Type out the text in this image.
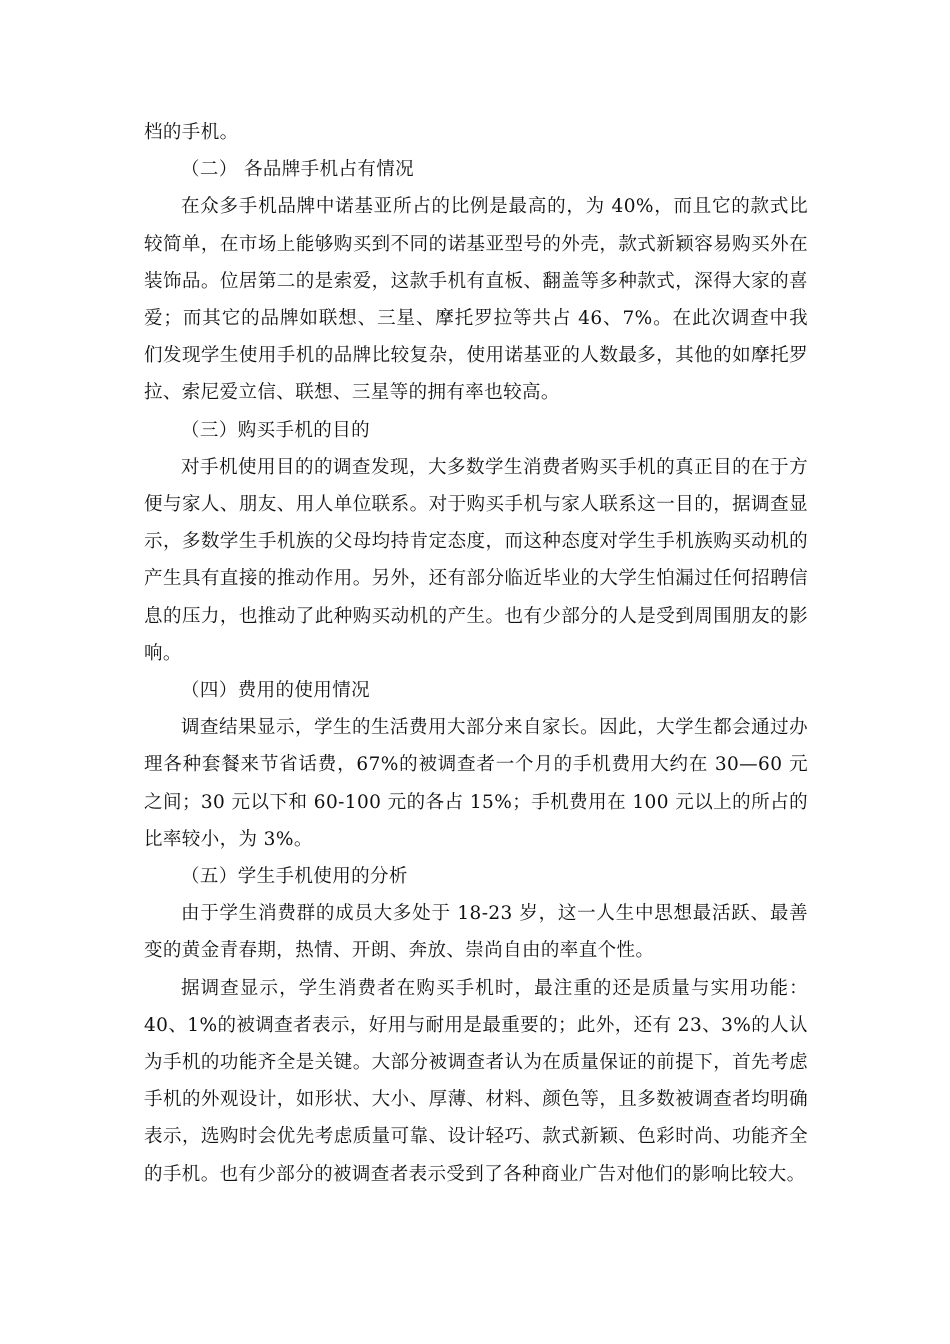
档的手机。

（二） 各品牌手机占有情况

在众多手机品牌中诺基亚所占的比例是最高的，为 40%，而且它的款式比较简单，在市场上能够购买到不同的诺基亚型号的外壳，款式新颖容易购买外在装饰品。位居第二的是索爱，这款手机有直板、翻盖等多种款式，深得大家的喜爱；而其它的品牌如联想、三星、摩托罗拉等共占 46、7%。在此次调查中我们发现学生使用手机的品牌比较复杂，使用诺基亚的人数最多，其他的如摩托罗拉、索尼爱立信、联想、三星等的拥有率也较高。

（三）购买手机的目的

对手机使用目的的调查发现，大多数学生消费者购买手机的真正目的在于方便与家人、朋友、用人单位联系。对于购买手机与家人联系这一目的，据调查显示，多数学生手机族的父母均持肯定态度，而这种态度对学生手机族购买动机的产生具有直接的推动作用。另外，还有部分临近毕业的大学生怕漏过任何招聘信息的压力，也推动了此种购买动机的产生。也有少部分的人是受到周围朋友的影响。

（四）费用的使用情况

调查结果显示，学生的生活费用大部分来自家长。因此，大学生都会通过办理各种套餐来节省话费，67%的被调查者一个月的手机费用大约在 30—60 元之间；30 元以下和 60-100 元的各占 15%；手机费用在 100 元以上的所占的比率较小，为 3%。

（五）学生手机使用的分析

由于学生消费群的成员大多处于 18-23 岁，这一人生中思想最活跃、最善变的黄金青春期，热情、开朗、奔放、崇尚自由的率直个性。

据调查显示，学生消费者在购买手机时，最注重的还是质量与实用功能：40、1%的被调查者表示，好用与耐用是最重要的；此外，还有 23、3%的人认为手机的功能齐全是关键。大部分被调查者认为在质量保证的前提下，首先考虑手机的外观设计，如形状、大小、厚薄、材料、颜色等，且多数被调查者均明确表示，选购时会优先考虑质量可靠、设计轻巧、款式新颖、色彩时尚、功能齐全的手机。也有少部分的被调查者表示受到了各种商业广告对他们的影响比较大。
